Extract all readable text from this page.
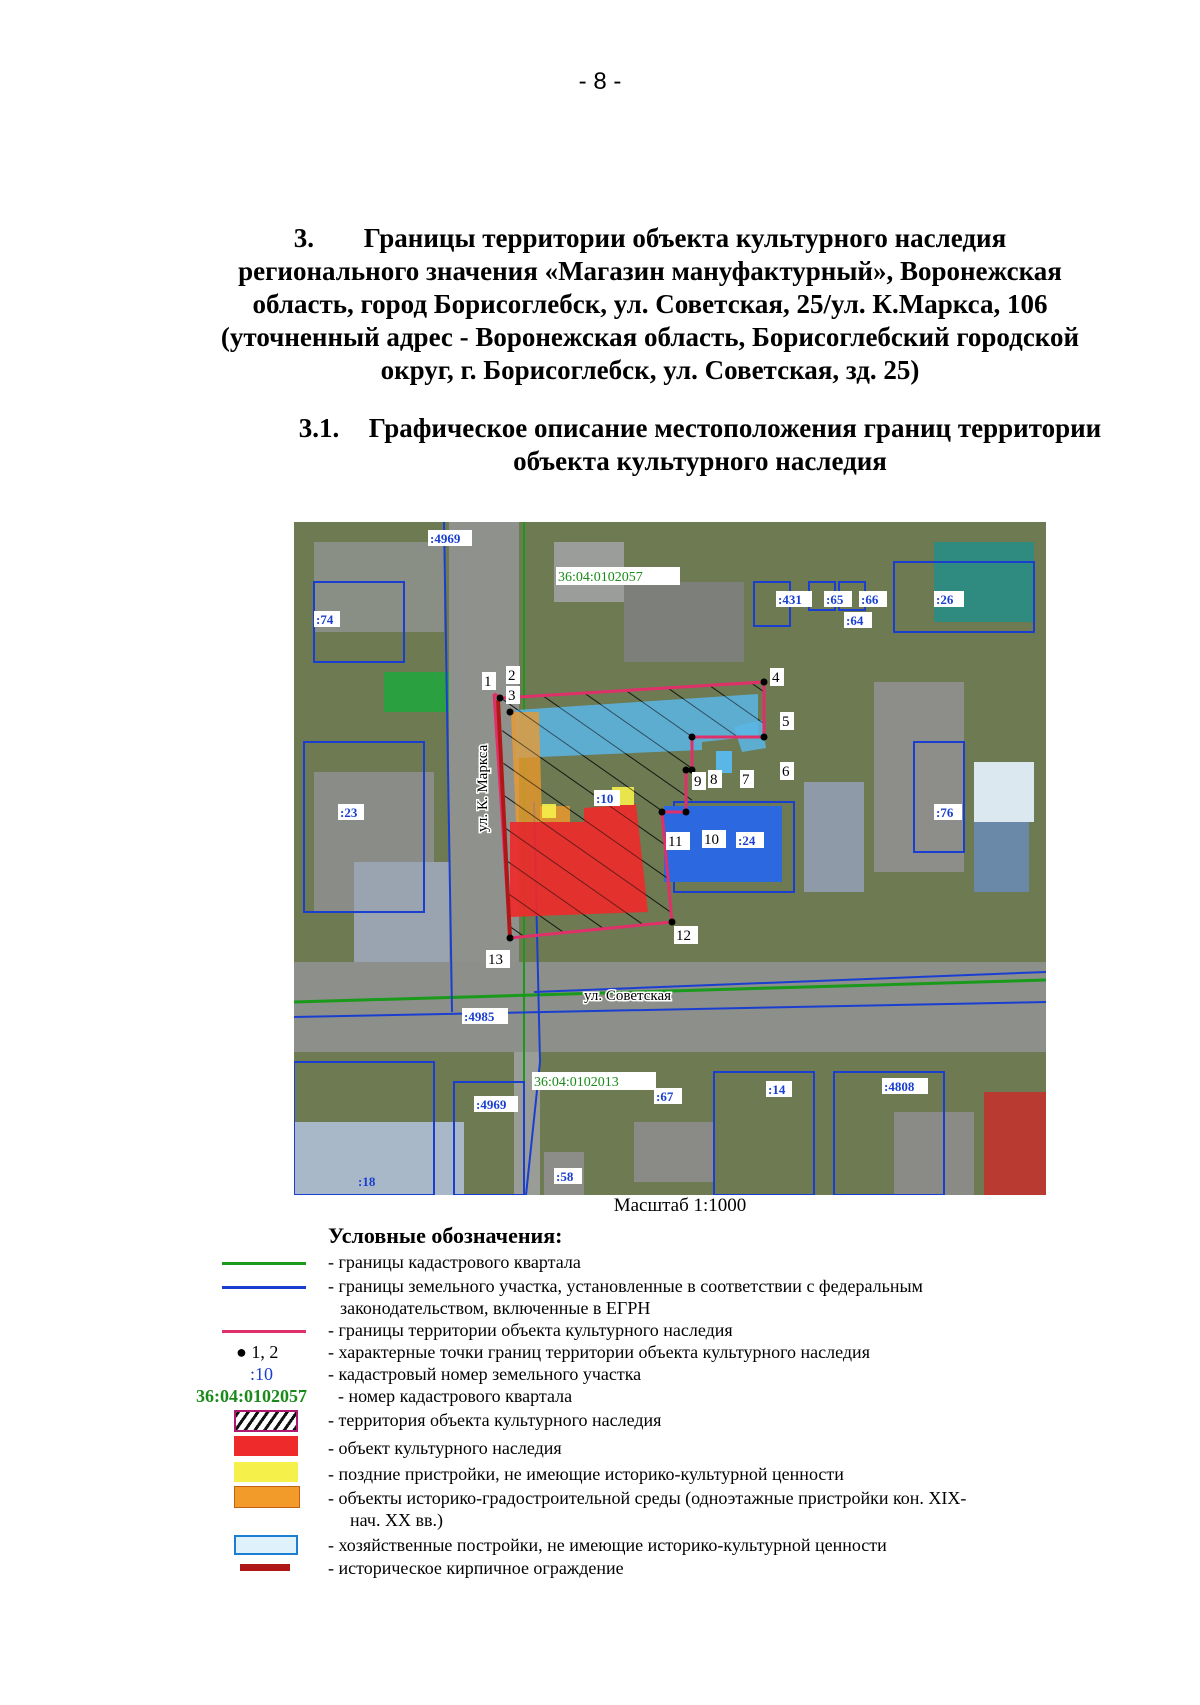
- 8 -
3. Границы территории объекта культурного наследия
регионального значения «Магазин мануфактурный», Воронежская
область, город Борисоглебск, ул. Советская, 25/ул. К.Маркса, 106
(уточненный адрес - Воронежская область, Борисоглебский городской
округ, г. Борисоглебск, ул. Советская, зд. 25)
3.1. Графическое описание местоположения границ территории
объекта культурного наследия
ул. К. Маркса
ул. Советская
36:04:0102057
36:04:0102013
:4969
:74
:431 :65 :66
:64
:26
:23
:10
:76
:24
:4985
:4969
:67	:14	:4808
:18	:58
1 2
3
4
5
6
7
8
9
10
11
12
13
Масштаб 1:1000
Условные обозначения:
- границы кадастрового квартала
- границы земельного участка, установленные в соответствии с федеральным
законодательством, включенные в ЕГРН
- границы территории объекта культурного наследия
● 1, 2	- характерные точки границ территории объекта культурного наследия
:10	- кадастровый номер земельного участка
36:04:0102057 - номер кадастрового квартала
- территория объекта культурного наследия
- объект культурного наследия
- поздние пристройки, не имеющие историко-культурной ценности
- объекты историко-градостроительной среды (одноэтажные пристройки кон. XIX-
нач. XX вв.)
- хозяйственные постройки, не имеющие историко-культурной ценности
- историческое кирпичное ограждение
